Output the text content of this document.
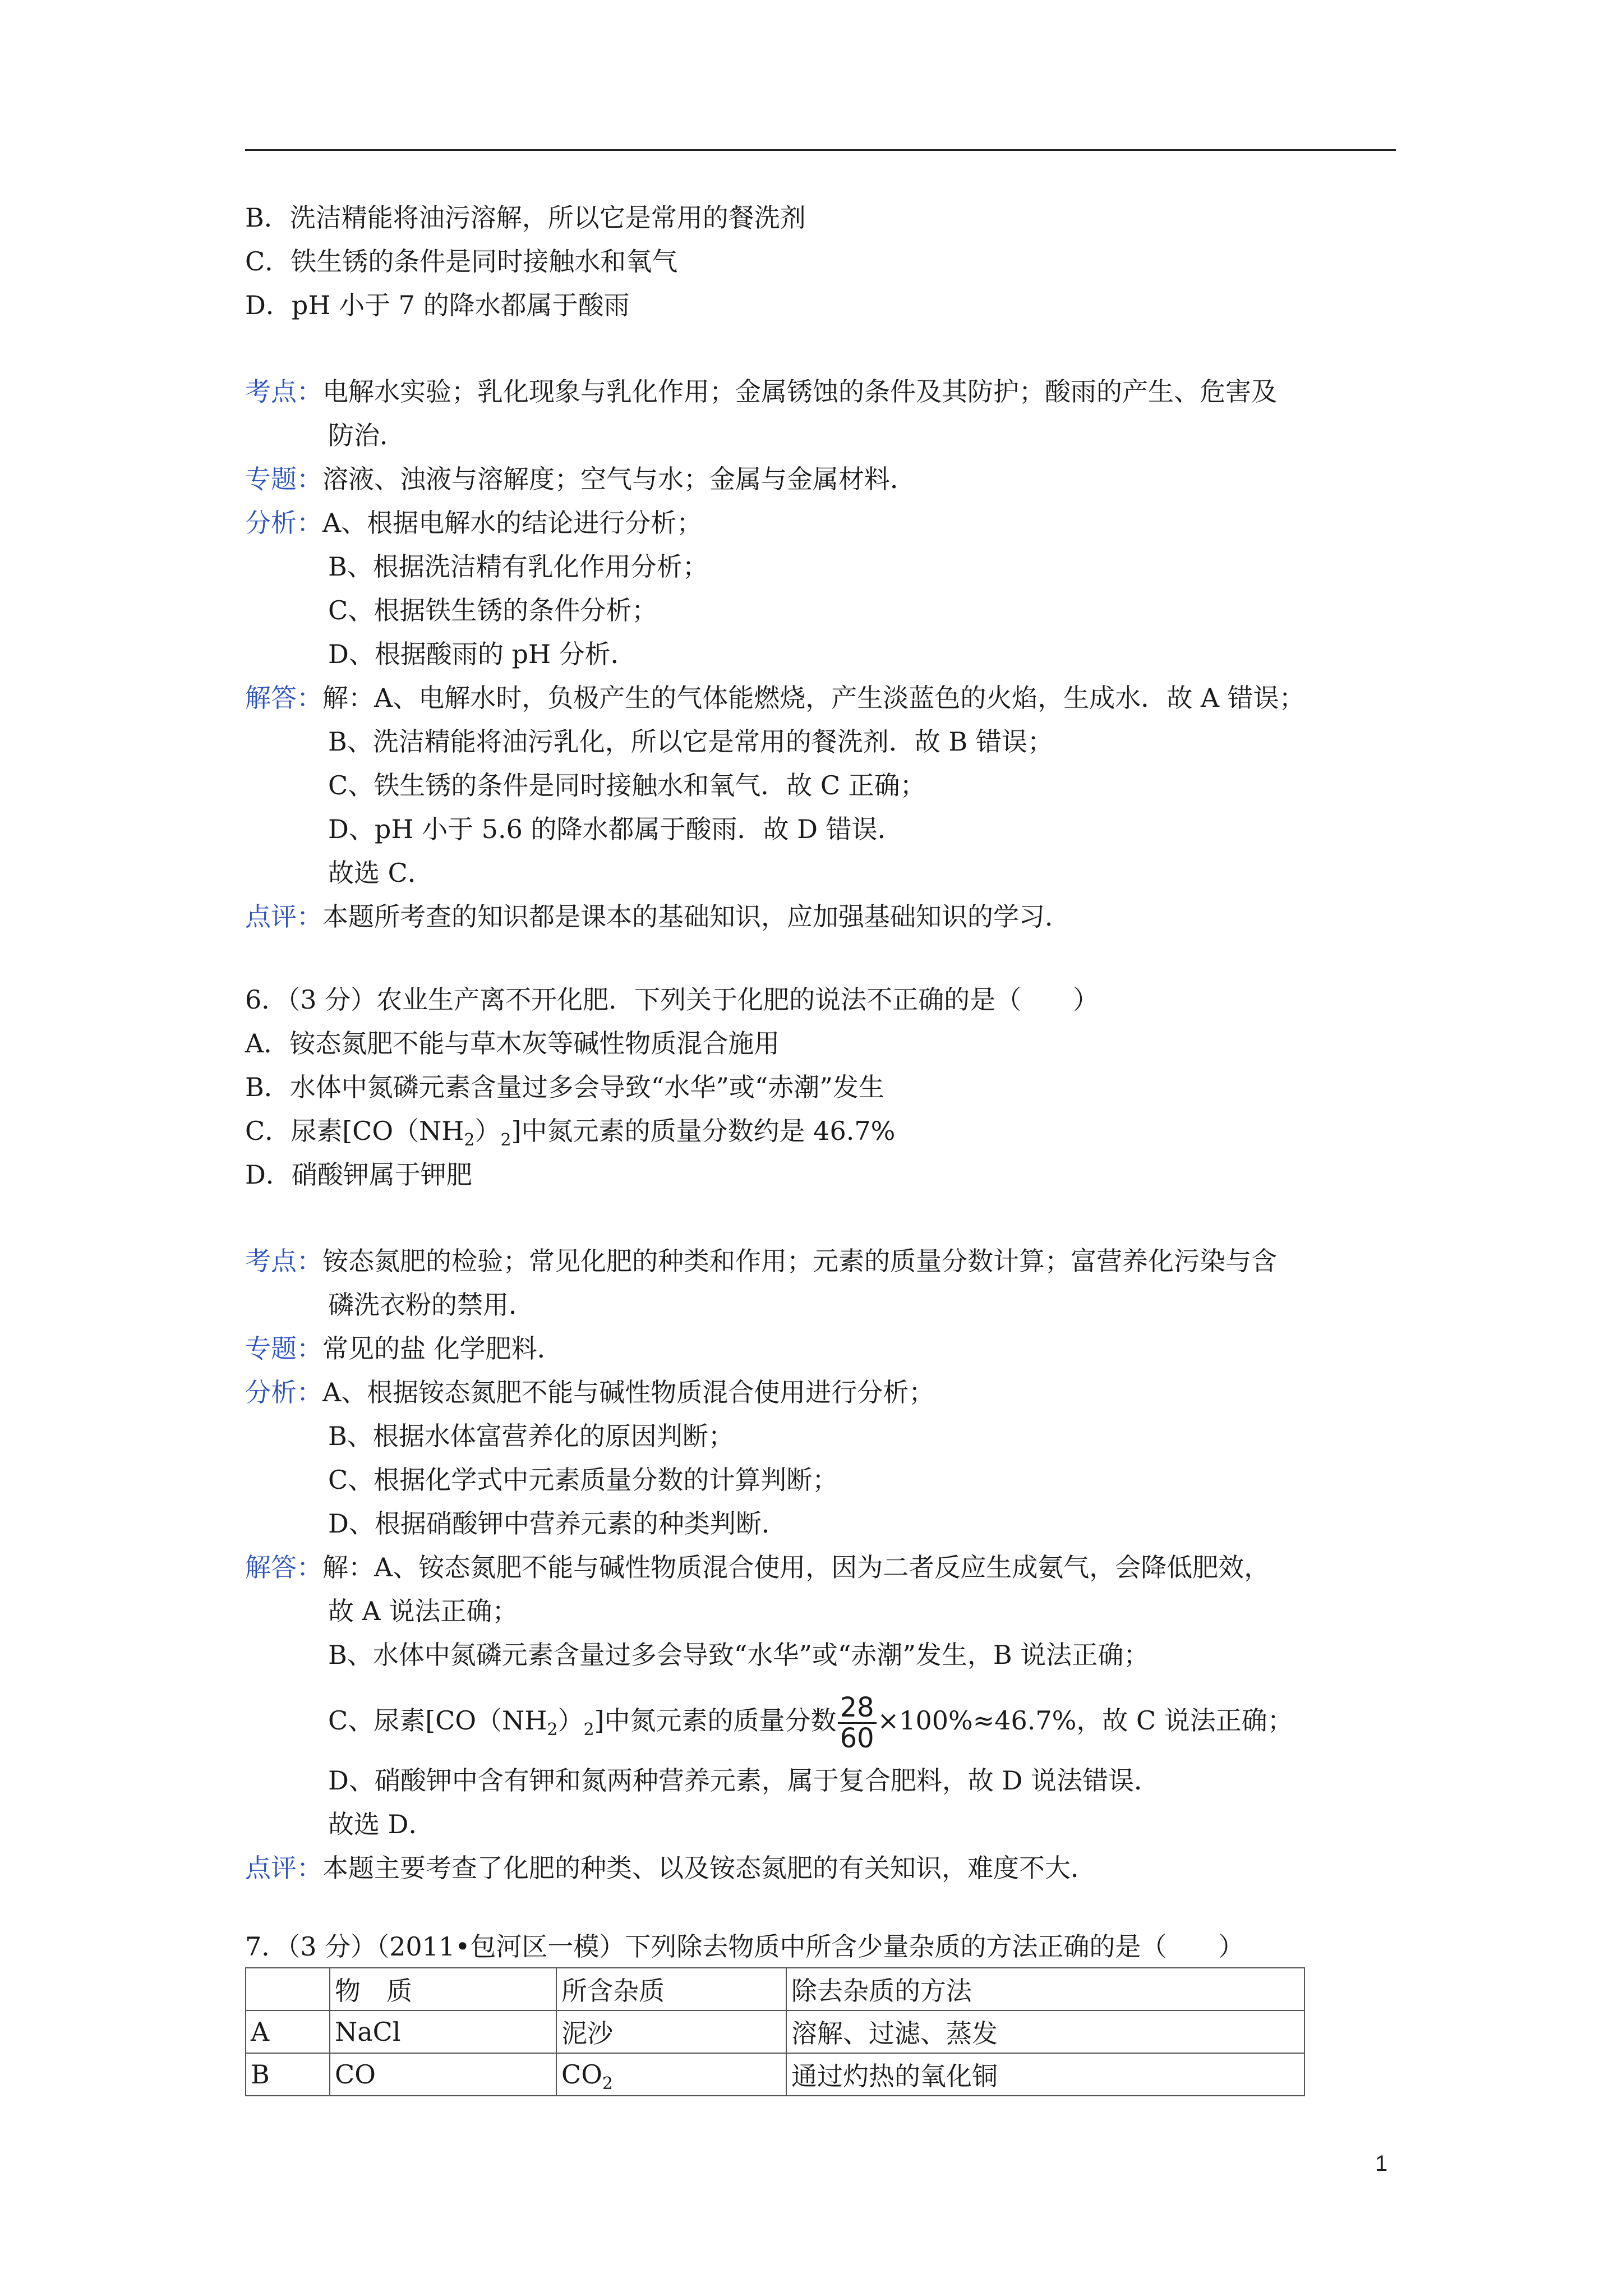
B．洗洁精能将油污溶解，所以它是常用的餐洗剂
C．铁生锈的条件是同时接触水和氧气
D．pH 小于 7 的降水都属于酸雨
考点：电解水实验；乳化现象与乳化作用；金属锈蚀的条件及其防护；酸雨的产生、危害及
防治．
专题：溶液、浊液与溶解度；空气与水；金属与金属材料．
分析：A、根据电解水的结论进行分析；
B、根据洗洁精有乳化作用分析；
C、根据铁生锈的条件分析；
D、根据酸雨的 pH 分析．
解答：解：A、电解水时，负极产生的气体能燃烧，产生淡蓝色的火焰，生成水．故 A 错误；
B、洗洁精能将油污乳化，所以它是常用的餐洗剂．故 B 错误；
C、铁生锈的条件是同时接触水和氧气．故 C 正确；
D、pH 小于 5.6 的降水都属于酸雨．故 D 错误．
故选 C．
点评：本题所考查的知识都是课本的基础知识，应加强基础知识的学习．
6．（3 分）农业生产离不开化肥．下列关于化肥的说法不正确的是（　　）
A．铵态氮肥不能与草木灰等碱性物质混合施用
B．水体中氮磷元素含量过多会导致“水华”或“赤潮”发生
C．尿素$[CO(NH_2)_2]$中氮元素的质量分数约是 46.7%
D．硝酸钾属于钾肥
考点：铵态氮肥的检验；常见化肥的种类和作用；元素的质量分数计算；富营养化污染与含
磷洗衣粉的禁用．
专题：常见的盐 化学肥料．
分析：A、根据铵态氮肥不能与碱性物质混合使用进行分析；
B、根据水体富营养化的原因判断；
C、根据化学式中元素质量分数的计算判断；
D、根据硝酸钾中营养元素的种类判断．
解答：解：A、铵态氮肥不能与碱性物质混合使用，因为二者反应生成氨气，会降低肥效，
故 A 说法正确；
B、水体中氮磷元素含量过多会导致“水华”或“赤潮”发生，B 说法正确；
C、尿素$[CO(NH_2)_2]$中氮元素的质量分数 $\frac{28}{60} \times 100\%\approx 46.7\%$，故 C 说法正确；
D、硝酸钾中含有钾和氮两种营养元素，属于复合肥料，故 D 说法错误．
故选 D．
点评：本题主要考查了化肥的种类、以及铵态氮肥的有关知识，难度不大．
7．（3 分）（2011•包河区一模）下列除去物质中所含少量杂质的方法正确的是（　　）
	物　质	所含杂质	除去杂质的方法
A	NaCl	泥沙	溶解、过滤、蒸发
B	CO	$CO_2$	通过灼热的氧化铜
1
